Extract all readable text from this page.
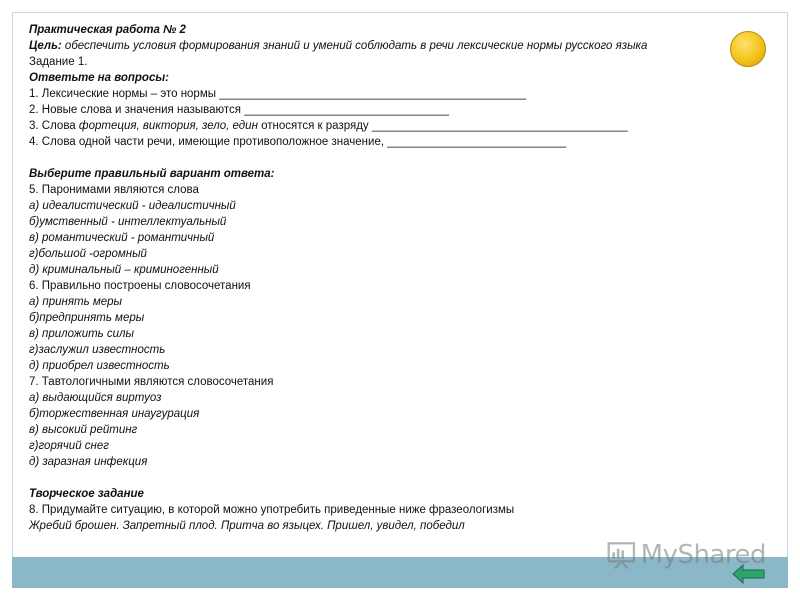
Практическая работа № 2
Цель: обеспечить условия формирования знаний и умений соблюдать в речи лексические нормы русского языка
Задание 1.
Ответьте на вопросы:
1. Лексические нормы – это нормы ________________________________________________
2. Новые слова и значения называются ________________________________
3. Слова фортеция, виктория, зело, един относятся к разряду ________________________________________
4. Слова одной части речи, имеющие противоположное значение, ____________________________
Выберите правильный вариант ответа:
5. Паронимами являются слова
а) идеалистический - идеалистичный
б)умственный - интеллектуальный
в) романтический - романтичный
г)большой -огромный
д) криминальный – криминогенный
6. Правильно построены словосочетания
а) принять меры
б)предпринять меры
в) приложить силы
г)заслужил известность
д) приобрел известность
7. Тавтологичными являются словосочетания
а) выдающийся виртуоз
б)торжественная инаугурация
в) высокий рейтинг
г)горячий снег
д) заразная инфекция
Творческое задание
8. Придумайте ситуацию, в которой можно употребить приведенные ниже фразеологизмы
Жребий брошен. Запретный плод. Притча во языцех. Пришел, увидел, победил
MyShared
